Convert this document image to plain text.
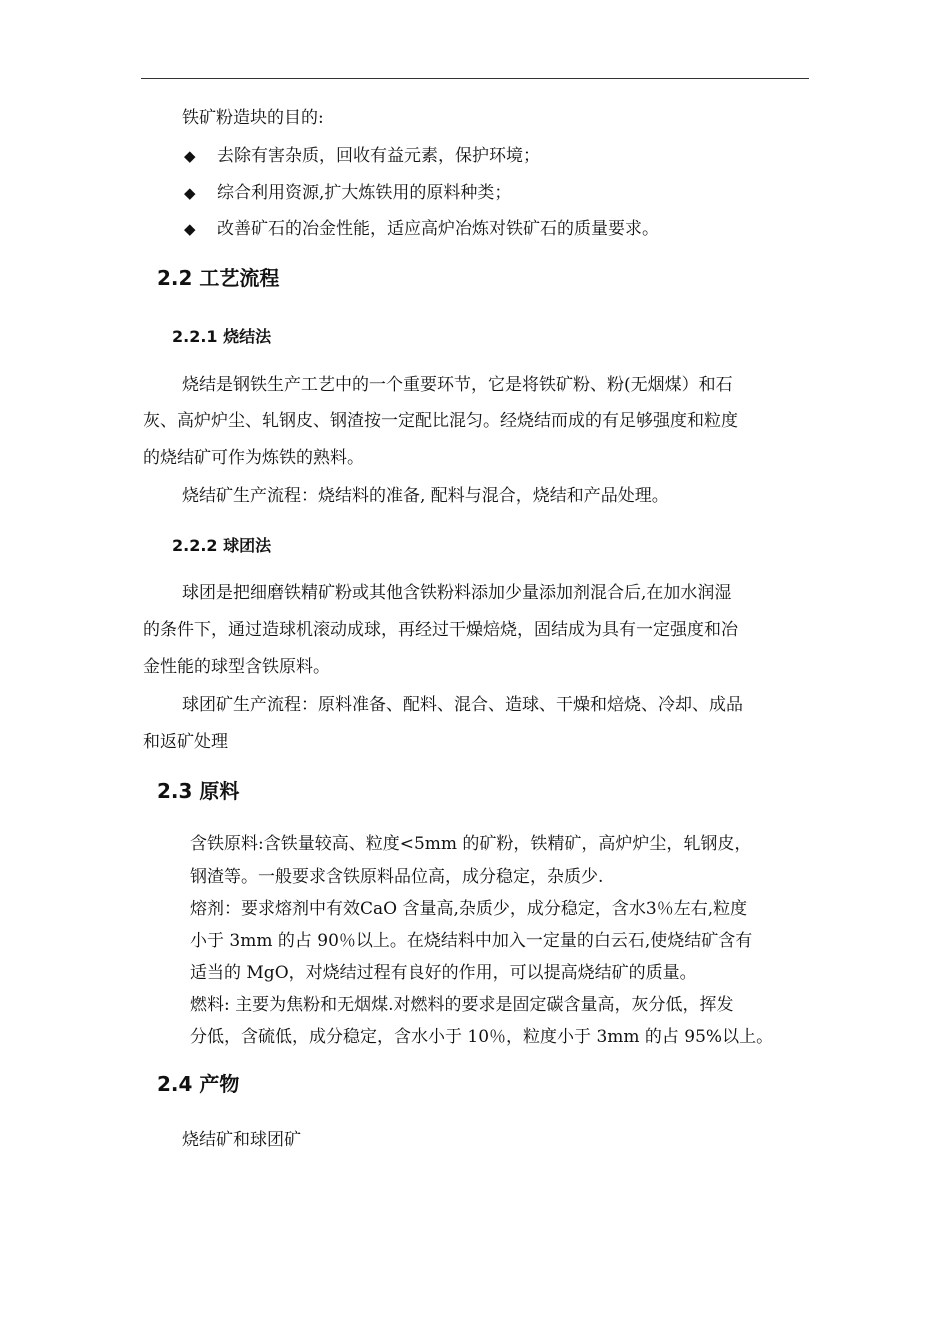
铁矿粉造块的目的:
◆ 去除有害杂质，回收有益元素，保护环境；
◆ 综合利用资源,扩大炼铁用的原料种类；
◆ 改善矿石的冶金性能，适应高炉冶炼对铁矿石的质量要求。
2.2 工艺流程
2.2.1 烧结法
烧结是钢铁生产工艺中的一个重要环节，它是将铁矿粉、粉(无烟煤）和石
灰、高炉炉尘、轧钢皮、钢渣按一定配比混匀。经烧结而成的有足够强度和粒度
的烧结矿可作为炼铁的熟料。
烧结矿生产流程：烧结料的准备, 配料与混合，烧结和产品处理。
2.2.2 球团法
球团是把细磨铁精矿粉或其他含铁粉料添加少量添加剂混合后,在加水润湿
的条件下，通过造球机滚动成球，再经过干燥焙烧，固结成为具有一定强度和冶
金性能的球型含铁原料。
球团矿生产流程：原料准备、配料、混合、造球、干燥和焙烧、冷却、成品
和返矿处理
2.3 原料
含铁原料:含铁量较高、粒度<5mm 的矿粉，铁精矿，高炉炉尘，轧钢皮，
钢渣等。一般要求含铁原料品位高，成分稳定，杂质少.
熔剂：要求熔剂中有效CaO 含量高,杂质少，成分稳定，含水3％左右,粒度
小于 3mm 的占 90％以上。在烧结料中加入一定量的白云石,使烧结矿含有
适当的 MgO，对烧结过程有良好的作用，可以提高烧结矿的质量。
燃料: 主要为焦粉和无烟煤.对燃料的要求是固定碳含量高，灰分低，挥发
分低，含硫低，成分稳定，含水小于 10％，粒度小于 3mm 的占 95%以上。
2.4 产物
烧结矿和球团矿
